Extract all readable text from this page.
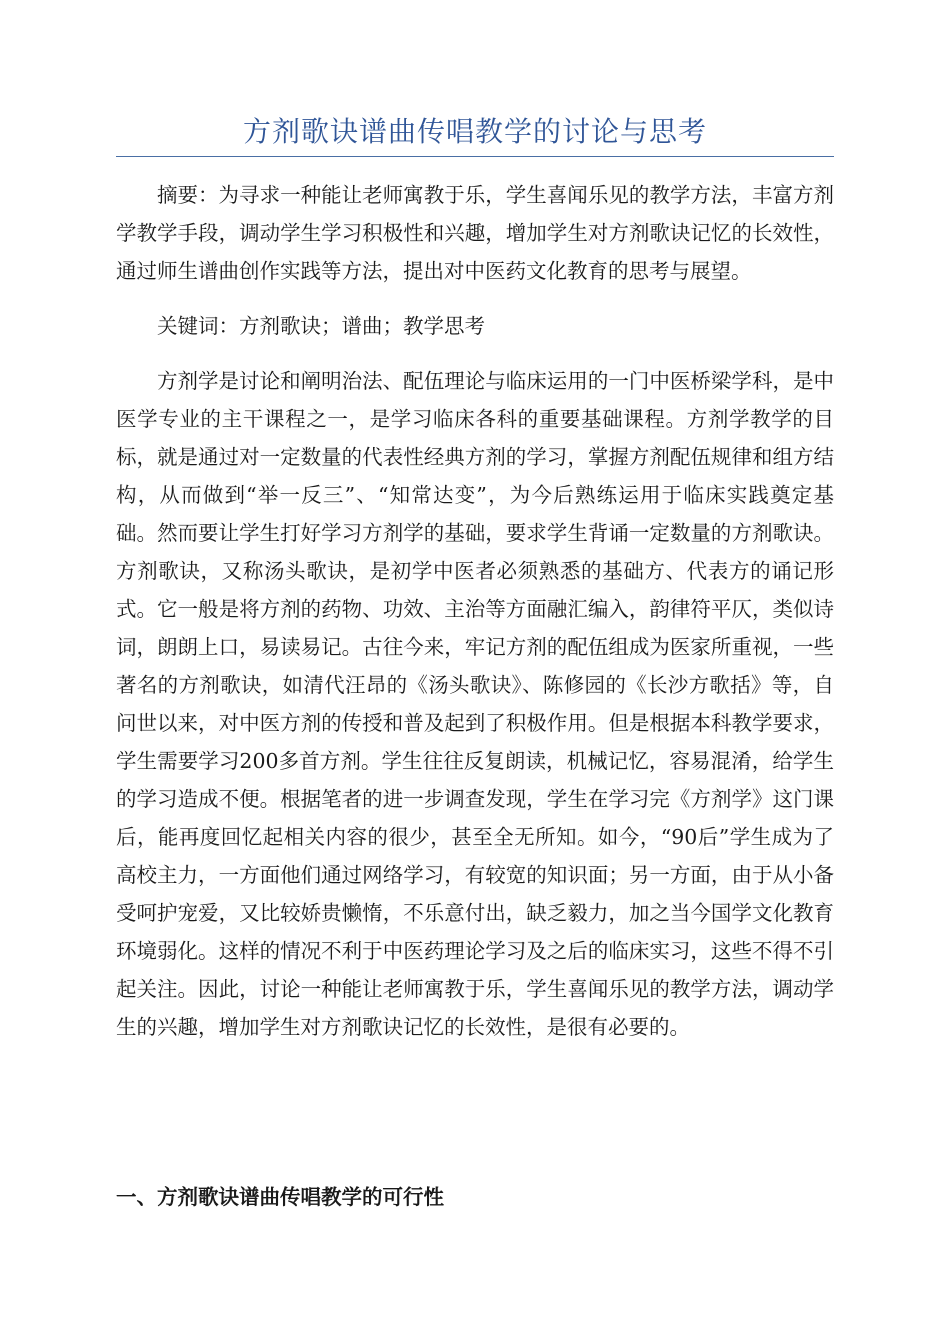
方剂歌诀谱曲传唱教学的讨论与思考

摘要：为寻求一种能让老师寓教于乐，学生喜闻乐见的教学方法，丰富方剂学教学手段，调动学生学习积极性和兴趣，增加学生对方剂歌诀记忆的长效性，通过师生谱曲创作实践等方法，提出对中医药文化教育的思考与展望。

关键词：方剂歌诀；谱曲；教学思考

方剂学是讨论和阐明治法、配伍理论与临床运用的一门中医桥梁学科，是中医学专业的主干课程之一，是学习临床各科的重要基础课程。方剂学教学的目标，就是通过对一定数量的代表性经典方剂的学习，掌握方剂配伍规律和组方结构，从而做到“举一反三”、“知常达变”，为今后熟练运用于临床实践奠定基础。然而要让学生打好学习方剂学的基础，要求学生背诵一定数量的方剂歌诀。方剂歌诀，又称汤头歌诀，是初学中医者必须熟悉的基础方、代表方的诵记形式。它一般是将方剂的药物、功效、主治等方面融汇编入，韵律符平仄，类似诗词，朗朗上口，易读易记。古往今来，牢记方剂的配伍组成为医家所重视，一些著名的方剂歌诀，如清代汪昂的《汤头歌诀》、陈修园的《长沙方歌括》等，自问世以来，对中医方剂的传授和普及起到了积极作用。但是根据本科教学要求，学生需要学习200多首方剂。学生往往反复朗读，机械记忆，容易混淆，给学生的学习造成不便。根据笔者的进一步调查发现，学生在学习完《方剂学》这门课后，能再度回忆起相关内容的很少，甚至全无所知。如今，“90后”学生成为了高校主力，一方面他们通过网络学习，有较宽的知识面；另一方面，由于从小备受呵护宠爱，又比较娇贵懒惰，不乐意付出，缺乏毅力，加之当今国学文化教育环境弱化。这样的情况不利于中医药理论学习及之后的临床实习，这些不得不引起关注。因此，讨论一种能让老师寓教于乐，学生喜闻乐见的教学方法，调动学生的兴趣，增加学生对方剂歌诀记忆的长效性，是很有必要的。

一、方剂歌诀谱曲传唱教学的可行性
